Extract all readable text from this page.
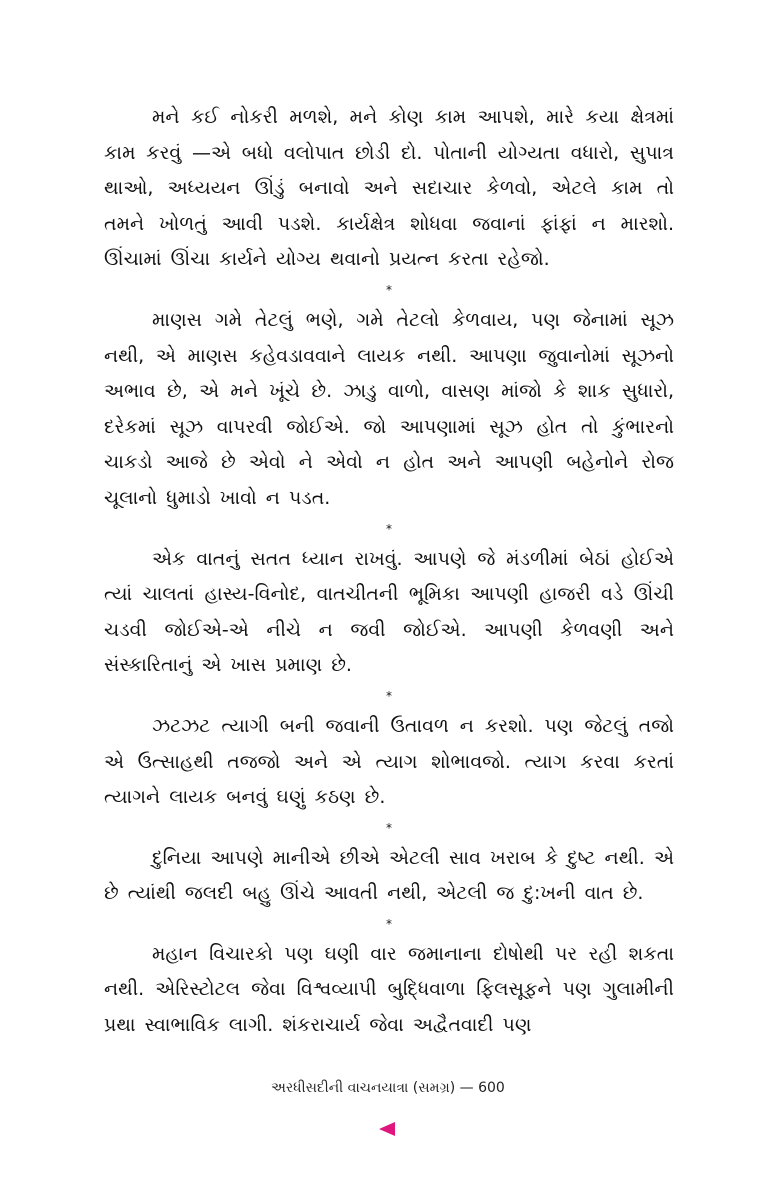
મને કઈ નોકરી મળશે, મને કોણ કામ આપશે, મારે કયા ક્ષેત્રમાં કામ કરવું —એ બધો વલોપાત છોડી દો. પોતાની યોગ્યતા વધારો, સુપાત્ર થાઓ, અધ્યયન ઊંડું બનાવો અને સદાચાર કેળવો, એટલે કામ તો તમને ખોળતું આવી પડશે. કાર્યક્ષેત્ર શોધવા જવાનાં ફાંફાં ન મારશો. ઊંચામાં ઊંચા કાર્યને યોગ્ય થવાનો પ્રયત્ન કરતા રહેજો.

*

માણસ ગમે તેટલું ભણે, ગમે તેટલો કેળવાય, પણ જેનામાં સૂઝ નથી, એ માણસ કહેવડાવવાને લાયક નથી. આપણા જુવાનોમાં સૂઝનો અભાવ છે, એ મને ખૂંચે છે. ઝાડુ વાળો, વાસણ માંજો કે શાક સુધારો, દરેકમાં સૂઝ વાપરવી જોઈએ. જો આપણામાં સૂઝ હોત તો કુંભારનો ચાકડો આજે છે એવો ને એવો ન હોત અને આપણી બહેનોને રોજ ચૂલાનો ધુમાડો ખાવો ન પડત.

*

એક વાતનું સતત ધ્યાન રાખવું. આપણે જે મંડળીમાં બેઠાં હોઈએ ત્યાં ચાલતાં હાસ્ય-વિનોદ, વાતચીતની ભૂમિકા આપણી હાજરી વડે ઊંચી ચડવી જોઈએ-એ નીચે ન જવી જોઈએ. આપણી કેળવણી અને સંસ્કારિતાનું એ ખાસ પ્રમાણ છે.

*

ઝટઝટ ત્યાગી બની જવાની ઉતાવળ ન કરશો. પણ જેટલું તજો એ ઉત્સાહથી તજજો અને એ ત્યાગ શોભાવજો. ત્યાગ કરવા કરતાં ત્યાગને લાયક બનવું ઘણું કઠણ છે.

*

દુનિયા આપણે માનીએ છીએ એટલી સાવ ખરાબ કે દુષ્ટ નથી. એ છે ત્યાંથી જલદી બહુ ઊંચે આવતી નથી, એટલી જ દુ:ખની વાત છે.

*

મહાન વિચારકો પણ ઘણી વાર જમાનાના દોષોથી પર રહી શકતા નથી. એરિસ્ટોટલ જેવા વિશ્વવ્યાપી બુદ્ધિવાળા ફિલસૂફને પણ ગુલામીની પ્રથા સ્વાભાવિક લાગી. શંકરાચાર્ય જેવા અદ્વૈતવાદી પણ

અરધીસદીની વાચનયાત્રા (સમગ્ર) — 600
